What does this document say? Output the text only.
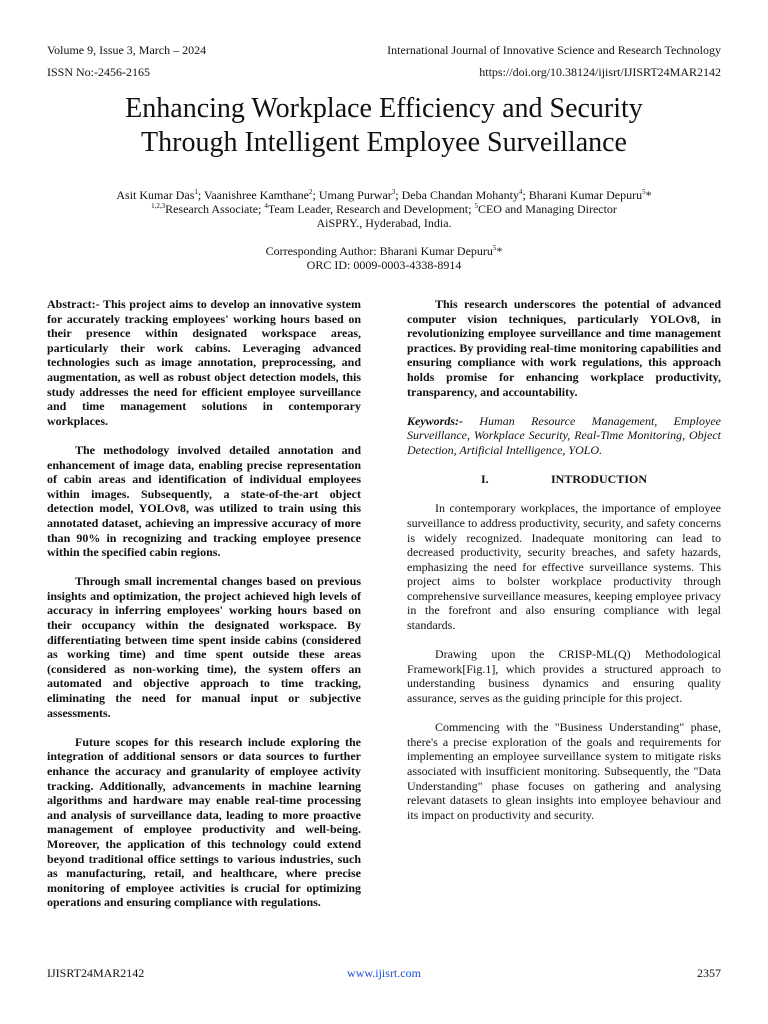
Volume 9, Issue 3, March – 2024	International Journal of Innovative Science and Research Technology
ISSN No:-2456-2165	https://doi.org/10.38124/ijisrt/IJISRT24MAR2142
Enhancing Workplace Efficiency and Security
Through Intelligent Employee Surveillance
Asit Kumar Das$^1$; Vaanishree Kamthane$^2$; Umang Purwar$^3$; Deba Chandan Mohanty$^4$; Bharani Kumar Depuru$^5$*
$^{1,2,3}$Research Associate; $^4$Team Leader, Research and Development; $^5$CEO and Managing Director
AiSPRY., Hyderabad, India.
Corresponding Author: Bharani Kumar Depuru$^5$*
ORC ID: 0009-0003-4338-8914

Abstract:- This project aims to develop an innovative system for accurately tracking employees' working hours based on their presence within designated workspace areas, particularly their work cabins. Leveraging advanced technologies such as image annotation, preprocessing, and augmentation, as well as robust object detection models, this study addresses the need for efficient employee surveillance and time management solutions in contemporary workplaces.

The methodology involved detailed annotation and enhancement of image data, enabling precise representation of cabin areas and identification of individual employees within images. Subsequently, a state-of-the-art object detection model, YOLOv8, was utilized to train using this annotated dataset, achieving an impressive accuracy of more than 90% in recognizing and tracking employee presence within the specified cabin regions.

Through small incremental changes based on previous insights and optimization, the project achieved high levels of accuracy in inferring employees' working hours based on their occupancy within the designated workspace. By differentiating between time spent inside cabins (considered as working time) and time spent outside these areas (considered as non-working time), the system offers an automated and objective approach to time tracking, eliminating the need for manual input or subjective assessments.

Future scopes for this research include exploring the integration of additional sensors or data sources to further enhance the accuracy and granularity of employee activity tracking. Additionally, advancements in machine learning algorithms and hardware may enable real-time processing and analysis of surveillance data, leading to more proactive management of employee productivity and well-being. Moreover, the application of this technology could extend beyond traditional office settings to various industries, such as manufacturing, retail, and healthcare, where precise monitoring of employee activities is crucial for optimizing operations and ensuring compliance with regulations.

This research underscores the potential of advanced computer vision techniques, particularly YOLOv8, in revolutionizing employee surveillance and time management practices. By providing real-time monitoring capabilities and ensuring compliance with work regulations, this approach holds promise for enhancing workplace productivity, transparency, and accountability.

Keywords:- Human Resource Management, Employee Surveillance, Workplace Security, Real-Time Monitoring, Object Detection, Artificial Intelligence, YOLO.

I.	INTRODUCTION

In contemporary workplaces, the importance of employee surveillance to address productivity, security, and safety concerns is widely recognized. Inadequate monitoring can lead to decreased productivity, security breaches, and safety hazards, emphasizing the need for effective surveillance systems. This project aims to bolster workplace productivity through comprehensive surveillance measures, keeping employee privacy in the forefront and also ensuring compliance with legal standards.

Drawing upon the CRISP-ML(Q) Methodological Framework[Fig.1], which provides a structured approach to understanding business dynamics and ensuring quality assurance, serves as the guiding principle for this project.

Commencing with the "Business Understanding" phase, there's a precise exploration of the goals and requirements for implementing an employee surveillance system to mitigate risks associated with insufficient monitoring. Subsequently, the "Data Understanding" phase focuses on gathering and analysing relevant datasets to glean insights into employee behaviour and its impact on productivity and security.

IJISRT24MAR2142	www.ijisrt.com	2357
